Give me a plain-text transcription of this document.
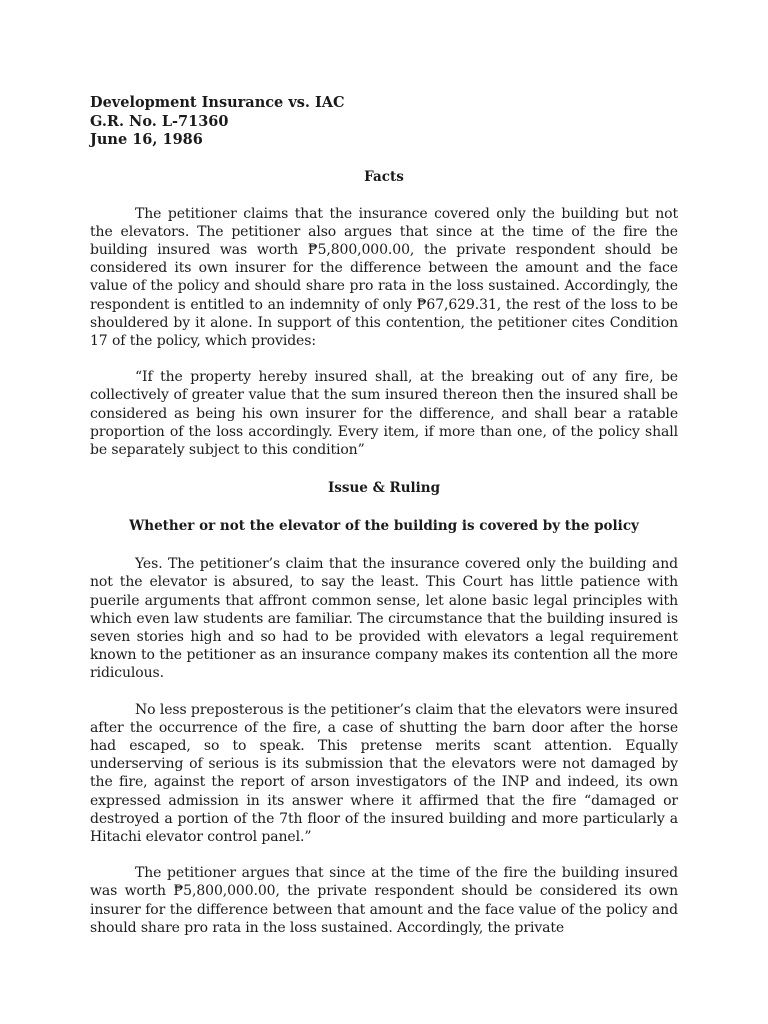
Development Insurance vs. IAC
G.R. No. L-71360
June 16, 1986
Facts

The petitioner claims that the insurance covered only the building but not the elevators. The petitioner also argues that since at the time of the fire the building insured was worth ₱5,800,000.00, the private respondent should be considered its own insurer for the difference between the amount and the face value of the policy and should share pro rata in the loss sustained. Accordingly, the respondent is entitled to an indemnity of only ₱67,629.31, the rest of the loss to be shouldered by it alone. In support of this contention, the petitioner cites Condition 17 of the policy, which provides:

“If the property hereby insured shall, at the breaking out of any fire, be collectively of greater value that the sum insured thereon then the insured shall be considered as being his own insurer for the difference, and shall bear a ratable proportion of the loss accordingly. Every item, if more than one, of the policy shall be separately subject to this condition”

Issue & Ruling
Whether or not the elevator of the building is covered by the policy

Yes. The petitioner’s claim that the insurance covered only the building and not the elevator is absured, to say the least. This Court has little patience with puerile arguments that affront common sense, let alone basic legal principles with which even law students are familiar. The circumstance that the building insured is seven stories high and so had to be provided with elevators a legal requirement known to the petitioner as an insurance company makes its contention all the more ridiculous.

No less preposterous is the petitioner’s claim that the elevators were insured after the occurrence of the fire, a case of shutting the barn door after the horse had escaped, so to speak. This pretense merits scant attention. Equally underserving of serious is its submission that the elevators were not damaged by the fire, against the report of arson investigators of the INP and indeed, its own expressed admission in its answer where it affirmed that the fire “damaged or destroyed a portion of the 7th floor of the insured building and more particularly a Hitachi elevator control panel.”

The petitioner argues that since at the time of the fire the building insured was worth ₱5,800,000.00, the private respondent should be considered its own insurer for the difference between that amount and the face value of the policy and should share pro rata in the loss sustained. Accordingly, the private
